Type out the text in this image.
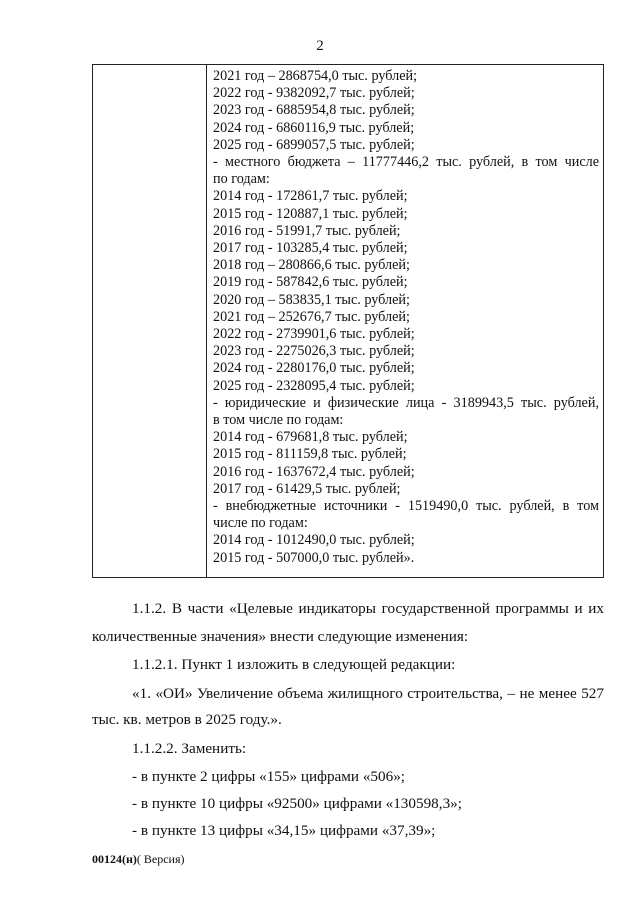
2
2021 год – 2868754,0 тыс. рублей;
2022 год - 9382092,7 тыс. рублей;
2023 год - 6885954,8 тыс. рублей;
2024 год - 6860116,9 тыс. рублей;
2025 год - 6899057,5 тыс. рублей;
- местного бюджета – 11777446,2 тыс. рублей, в том числе
по годам:
2014 год - 172861,7 тыс. рублей;
2015 год - 120887,1 тыс. рублей;
2016 год - 51991,7 тыс. рублей;
2017 год - 103285,4 тыс. рублей;
2018 год – 280866,6 тыс. рублей;
2019 год - 587842,6 тыс. рублей;
2020 год – 583835,1 тыс. рублей;
2021 год – 252676,7 тыс. рублей;
2022 год - 2739901,6 тыс. рублей;
2023 год - 2275026,3 тыс. рублей;
2024 год - 2280176,0 тыс. рублей;
2025 год - 2328095,4 тыс. рублей;
- юридические и физические лица - 3189943,5 тыс. рублей,
в том числе по годам:
2014 год - 679681,8 тыс. рублей;
2015 год - 811159,8 тыс. рублей;
2016 год - 1637672,4 тыс. рублей;
2017 год - 61429,5 тыс. рублей;
- внебюджетные источники - 1519490,0 тыс. рублей, в том
числе по годам:
2014 год - 1012490,0 тыс. рублей;
2015 год - 507000,0 тыс. рублей».
1.1.2. В части «Целевые индикаторы государственной программы и их
количественные значения» внести следующие изменения:
1.1.2.1. Пункт 1 изложить в следующей редакции:
«1. «ОИ» Увеличение объема жилищного строительства, – не менее 527
тыс. кв. метров в 2025 году.».
1.1.2.2. Заменить:
- в пункте 2 цифры «155» цифрами «506»;
- в пункте 10 цифры «92500» цифрами «130598,3»;
- в пункте 13 цифры «34,15» цифрами «37,39»;
00124(н)( Версия)
